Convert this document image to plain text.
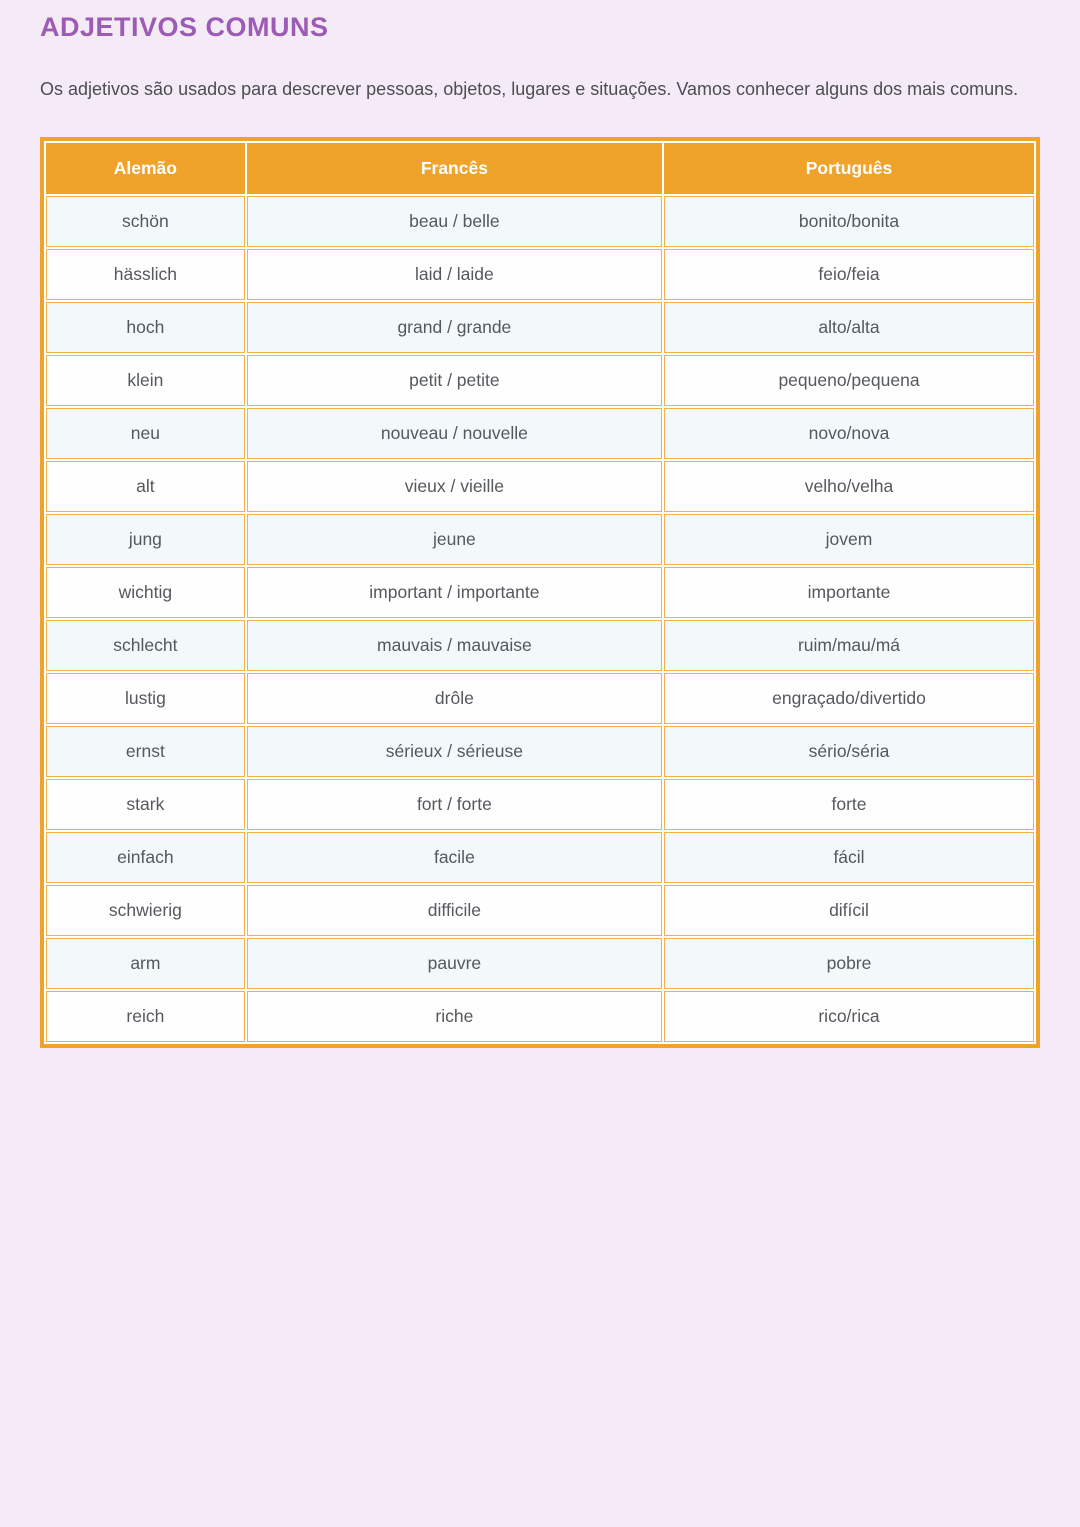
ADJETIVOS COMUNS

Os adjetivos são usados para descrever pessoas, objetos, lugares e situações. Vamos conhecer alguns dos mais comuns.

Alemão	Francês	Português
schön	beau / belle	bonito/bonita
hässlich	laid / laide	feio/feia
hoch	grand / grande	alto/alta
klein	petit / petite	pequeno/pequena
neu	nouveau / nouvelle	novo/nova
alt	vieux / vieille	velho/velha
jung	jeune	jovem
wichtig	important / importante	importante
schlecht	mauvais / mauvaise	ruim/mau/má
lustig	drôle	engraçado/divertido
ernst	sérieux / sérieuse	sério/séria
stark	fort / forte	forte
einfach	facile	fácil
schwierig	difficile	difícil
arm	pauvre	pobre
reich	riche	rico/rica
